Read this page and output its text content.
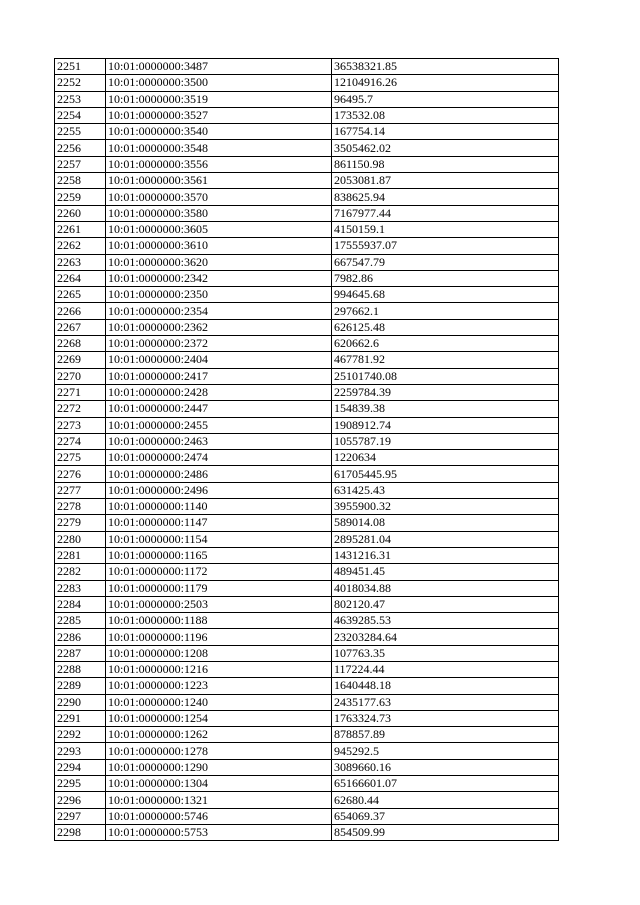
2251	10:01:0000000:3487	36538321.85
2252	10:01:0000000:3500	12104916.26
2253	10:01:0000000:3519	96495.7
2254	10:01:0000000:3527	173532.08
2255	10:01:0000000:3540	167754.14
2256	10:01:0000000:3548	3505462.02
2257	10:01:0000000:3556	861150.98
2258	10:01:0000000:3561	2053081.87
2259	10:01:0000000:3570	838625.94
2260	10:01:0000000:3580	7167977.44
2261	10:01:0000000:3605	4150159.1
2262	10:01:0000000:3610	17555937.07
2263	10:01:0000000:3620	667547.79
2264	10:01:0000000:2342	7982.86
2265	10:01:0000000:2350	994645.68
2266	10:01:0000000:2354	297662.1
2267	10:01:0000000:2362	626125.48
2268	10:01:0000000:2372	620662.6
2269	10:01:0000000:2404	467781.92
2270	10:01:0000000:2417	25101740.08
2271	10:01:0000000:2428	2259784.39
2272	10:01:0000000:2447	154839.38
2273	10:01:0000000:2455	1908912.74
2274	10:01:0000000:2463	1055787.19
2275	10:01:0000000:2474	1220634
2276	10:01:0000000:2486	61705445.95
2277	10:01:0000000:2496	631425.43
2278	10:01:0000000:1140	3955900.32
2279	10:01:0000000:1147	589014.08
2280	10:01:0000000:1154	2895281.04
2281	10:01:0000000:1165	1431216.31
2282	10:01:0000000:1172	489451.45
2283	10:01:0000000:1179	4018034.88
2284	10:01:0000000:2503	802120.47
2285	10:01:0000000:1188	4639285.53
2286	10:01:0000000:1196	23203284.64
2287	10:01:0000000:1208	107763.35
2288	10:01:0000000:1216	117224.44
2289	10:01:0000000:1223	1640448.18
2290	10:01:0000000:1240	2435177.63
2291	10:01:0000000:1254	1763324.73
2292	10:01:0000000:1262	878857.89
2293	10:01:0000000:1278	945292.5
2294	10:01:0000000:1290	3089660.16
2295	10:01:0000000:1304	65166601.07
2296	10:01:0000000:1321	62680.44
2297	10:01:0000000:5746	654069.37
2298	10:01:0000000:5753	854509.99
